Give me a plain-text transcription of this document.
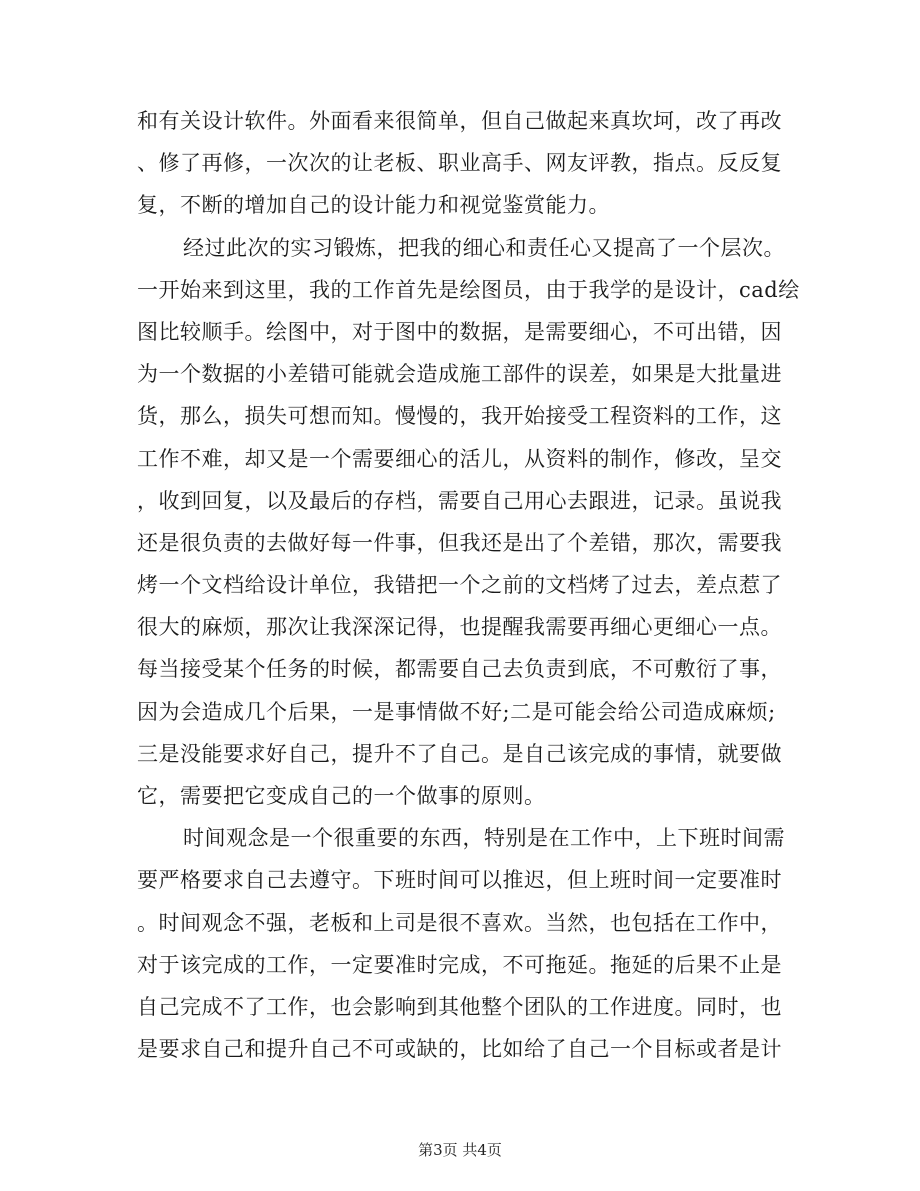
和有关设计软件。外面看来很简单，但自己做起来真坎坷，改了再改
、修了再修，一次次的让老板、职业高手、网友评教，指点。反反复
复，不断的增加自己的设计能力和视觉鉴赏能力。
经过此次的实习锻炼，把我的细心和责任心又提高了一个层次。
一开始来到这里，我的工作首先是绘图员，由于我学的是设计，cad绘
图比较顺手。绘图中，对于图中的数据，是需要细心，不可出错，因
为一个数据的小差错可能就会造成施工部件的误差，如果是大批量进
货，那么，损失可想而知。慢慢的，我开始接受工程资料的工作，这
工作不难，却又是一个需要细心的活儿，从资料的制作，修改，呈交
，收到回复，以及最后的存档，需要自己用心去跟进，记录。虽说我
还是很负责的去做好每一件事，但我还是出了个差错，那次，需要我
烤一个文档给设计单位，我错把一个之前的文档烤了过去，差点惹了
很大的麻烦，那次让我深深记得，也提醒我需要再细心更细心一点。
每当接受某个任务的时候，都需要自己去负责到底，不可敷衍了事，
因为会造成几个后果，一是事情做不好;二是可能会给公司造成麻烦;
三是没能要求好自己，提升不了自己。是自己该完成的事情，就要做
它，需要把它变成自己的一个做事的原则。
时间观念是一个很重要的东西，特别是在工作中，上下班时间需
要严格要求自己去遵守。下班时间可以推迟，但上班时间一定要准时
。时间观念不强，老板和上司是很不喜欢。当然，也包括在工作中，
对于该完成的工作，一定要准时完成，不可拖延。拖延的后果不止是
自己完成不了工作，也会影响到其他整个团队的工作进度。同时，也
是要求自己和提升自己不可或缺的，比如给了自己一个目标或者是计
第3页 共4页
